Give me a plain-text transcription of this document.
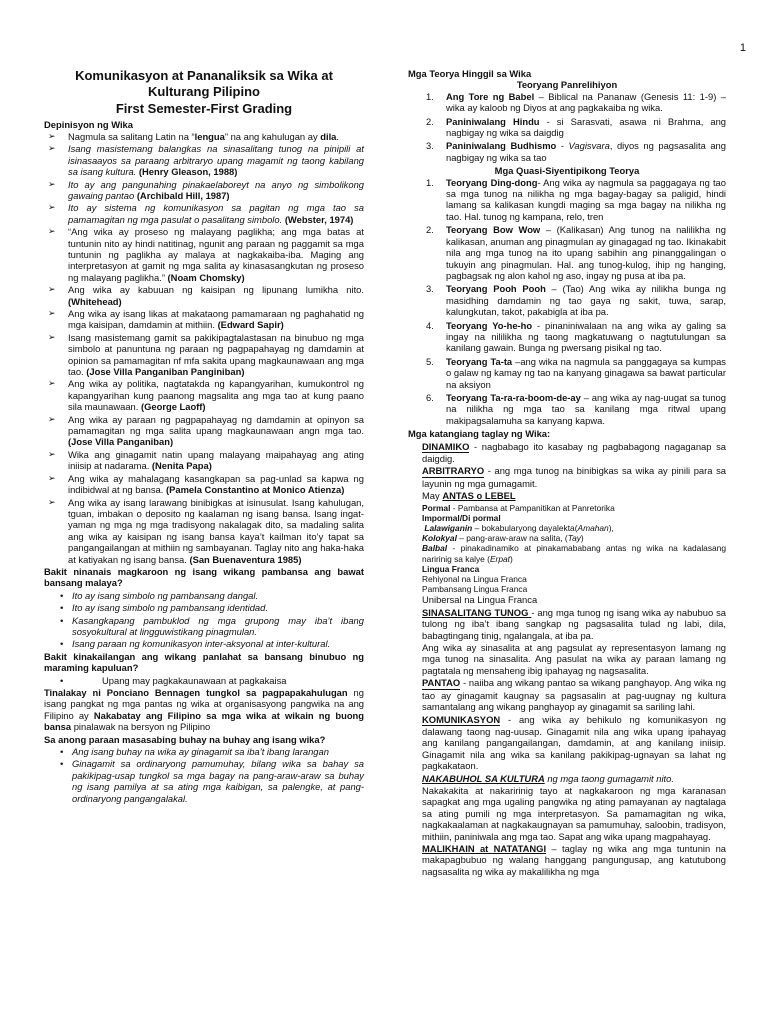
1
Komunikasyon at Pananaliksik sa Wika at Kulturang Pilipino
First Semester-First Grading
Depinisyon ng Wika
➢ Nagmula sa salitang Latin na “lengua” na ang kahulugan ay dila.
➢ Isang masistemang balangkas na sinasalitang tunog na pinipili at isinasaayos sa paraang arbitraryo upang magamit ng taong kabilang sa isang kultura. (Henry Gleason, 1988)
➢ Ito ay ang pangunahing pinakaelaboreyt na anyo ng simbolikong gawaing pantao (Archibald Hill, 1987)
➢ Ito ay sistema ng komunikasyon sa pagitan ng mga tao sa pamamagitan ng mga pasulat o pasalitang simbolo. (Webster, 1974)
➢ “Ang wika ay proseso ng malayang paglikha; ang mga batas at tuntunin nito ay hindi natitinag, ngunit ang paraan ng paggamit sa mga tuntunin ng paglikha ay malaya at nagkakaiba-iba. Maging ang interpretasyon at gamit ng mga salita ay kinasasangkutan ng proseso ng malayang paglikha.” (Noam Chomsky)
➢ Ang wika ay kabuuan ng kaisipan ng lipunang lumikha nito. (Whitehead)
➢ Ang wika ay isang likas at makataong pamamaraan ng paghahatid ng mga kaisipan, damdamin at mithiin. (Edward Sapir)
➢ Isang masistemang gamit sa pakikipagtalastasan na binubuo ng mga simbolo at panuntuna ng paraan ng pagpapahayag ng damdamin at opinion sa pamamagitan nf mfa sakita upang magkaunawaan ang mga tao. (Jose Villa Panganiban Panginiban)
➢ Ang wika ay politika, nagtatakda ng kapangyarihan, kumukontrol ng kapangyarihan kung paanong magsalita ang mga tao at kung paano sila maunawaan. (George Laoff)
➢ Ang wika ay paraan ng pagpapahayag ng damdamin at opinyon sa pamamagitan ng mga salita upang magkaunawaan angn mga tao. (Jose Villa Panganiban)
➢ Wika ang ginagamit natin upang malayang maipahayag ang ating iniisip at nadarama. (Nenita Papa)
➢ Ang wika ay mahalagang kasangkapan sa pag-unlad sa kapwa ng indibidwal at ng bansa. (Pamela Constantino at Monico Atienza)
➢ Ang wika ay isang larawang binibigkas at isinusulat. Isang kahulugan, tguan, imbakan o deposito ng kaalaman ng isang bansa. Isang ingat-yaman ng mga ng mga tradisyong nakalagak dito, sa madaling salita ang wika ay kaisipan ng isang bansa kaya’t kailman ito’y tapat sa pangangailangan at mithiin ng sambayanan. Taglay nito ang haka-haka at katiyakan ng isang bansa. (San Buenaventura 1985)
Bakit ninanais magkaroon ng isang wikang pambansa ang bawat bansang malaya?
• Ito ay isang simbolo ng pambansang dangal.
• Ito ay isang simbolo ng pambansang identidad.
• Kasangkapang pambuklod ng mga grupong may iba’t ibang sosyokultural at lingguwistikang pinagmulan.
• Isang paraan ng komunikasyon inter-aksyonal at inter-kultural.
Bakit kinakailangan ang wikang panlahat sa bansang binubuo ng maraming kapuluan?
• Upang may pagkakaunawaan at pagkakaisa
Tinalakay ni Ponciano Bennagen tungkol sa pagpapakahulugan ng isang pangkat ng mga pantas ng wika at organisasyong pangwika na ang Filipino ay Nakabatay ang Filipino sa mga wika at wikain ng buong bansa pinalawak na bersyon ng Pilipino
Sa anong paraan masasabing buhay na buhay ang isang wika?
• Ang isang buhay na wika ay ginagamit sa iba’t ibang larangan
• Ginagamit sa ordinaryong pamumuhay, bilang wika sa bahay sa pakikipag-usap tungkol sa mga bagay na pang-araw-araw sa buhay ng isang pamilya at sa ating mga kaibigan, sa palengke, at pang-ordinaryong pangangalakal.
Mga Teorya Hinggil sa Wika
Teoryang Panrelihiyon
1. Ang Tore ng Babel – Biblical na Pananaw (Genesis 11: 1-9) – wika ay kaloob ng Diyos at ang pagkakaiba ng wika.
2. Paniniwalang Hindu - si Sarasvati, asawa ni Brahma, ang nagbigay ng wika sa daigdig
3. Paniniwalang Budhismo - Vagisvara, diyos ng pagsasalita ang nagbigay ng wika sa tao
Mga Quasi-Siyentipikong Teorya
1. Teoryang Ding-dong- Ang wika ay nagmula sa paggagaya ng tao sa mga tunog na nilikha ng mga bagay-bagay sa paligid, hindi lamang sa kalikasan kungdi maging sa mga bagay na nilikha ng tao. Hal. tunog ng kampana, relo, tren
2. Teoryang Bow Wow – (Kalikasan) Ang tunog na nalilikha ng kalikasan, anuman ang pinagmulan ay ginagagad ng tao. Ikinakabit nila ang mga tunog na ito upang sabihin ang pinanggalingan o tukuyin ang pinagmulan. Hal. ang tunog-kulog, ihip ng hanging, pagbagsak ng alon kahol ng aso, ingay ng pusa at iba pa.
3. Teoryang Pooh Pooh – (Tao) Ang wika ay nilikha bunga ng masidhing damdamin ng tao gaya ng sakit, tuwa, sarap, kalungkutan, takot, pakabigla at iba pa.
4. Teoryang Yo-he-ho - pinaniniwalaan na ang wika ay galing sa ingay na nililikha ng taong magkatuwang o nagtutulungan sa kanilang gawain. Bunga ng pwersang pisikal ng tao.
5. Teoryang Ta-ta –ang wika na nagmula sa panggagaya sa kumpas o galaw ng kamay ng tao na kanyang ginagawa sa bawat particular na aksiyon
6. Teoryang Ta-ra-ra-boom-de-ay – ang wika ay nag-uugat sa tunog na nilikha ng mga tao sa kanilang mga ritwal upang makipagsalamuha sa kanyang kapwa.
Mga katangiang taglay ng Wika:
DINAMIKO - nagbabago ito kasabay ng pagbabagong nagaganap sa daigdig.
ARBITRARYO - ang mga tunog na binibigkas sa wika ay pinili para sa layunin ng mga gumagamit.
May ANTAS o LEBEL
Pormal - Pambansa at Pampanitikan at Panretorika
Impormal/Di pormal
Lalawiganin – bokabularyong dayalekta(Amahan),
Kolokyal – pang-araw-araw na salita, (Tay)
Balbal - pinakadinamiko at pinakamababang antas ng wika na kadalasang naririnig sa kalye (Erpat)
Lingua Franca
Rehiyonal na Lingua Franca
Pambansang Lingua Franca
Unibersal na Lingua Franca
SINASALITANG TUNOG - ang mga tunog ng isang wika ay nabubuo sa tulong ng iba’t ibang sangkap ng pagsasalita tulad ng labi, dila, babagtingang tinig, ngalangala, at iba pa.
Ang wika ay sinasalita at ang pagsulat ay representasyon lamang ng mga tunog na sinasalita. Ang pasulat na wika ay paraan lamang ng pagtatala ng mensaheng ibig ipahayag ng nagsasalita.
PANTAO - naiiba ang wikang pantao sa wikang panghayop. Ang wika ng tao ay ginagamit kaugnay sa pagsasalin at pag-uugnay ng kultura samantalang ang wikang panghayop ay ginagamit sa sariling lahi.
KOMUNIKASYON - ang wika ay behikulo ng komunikasyon ng dalawang taong nag-uusap. Ginagamit nila ang wika upang ipahayag ang kanilang pangangailangan, damdamin, at ang kanilang iniisip. Ginagamit nila ang wika sa kanilang pakikipag-ugnayan sa lahat ng pagkakataon.
NAKABUHOL SA KULTURA ng mga taong gumagamit nito.
Nakakakita at nakaririnig tayo at nagkakaroon ng mga karanasan sapagkat ang mga ugaling pangwika ng ating pamayanan ay nagtalaga sa ating pumili ng mga interpretasyon. Sa pamamagitan ng wika, nagkakaalaman at nagkakaugnayan sa pamumuhay, saloobin, tradisyon, mithiin, paniniwala ang mga tao. Sapat ang wika upang magpahayag.
MALIKHAIN at NATATANGI – taglay ng wika ang mga tuntunin na makapagbubuo ng walang hanggang pangungusap, ang katutubong nagsasalita ng wika ay makalilikha ng mga
